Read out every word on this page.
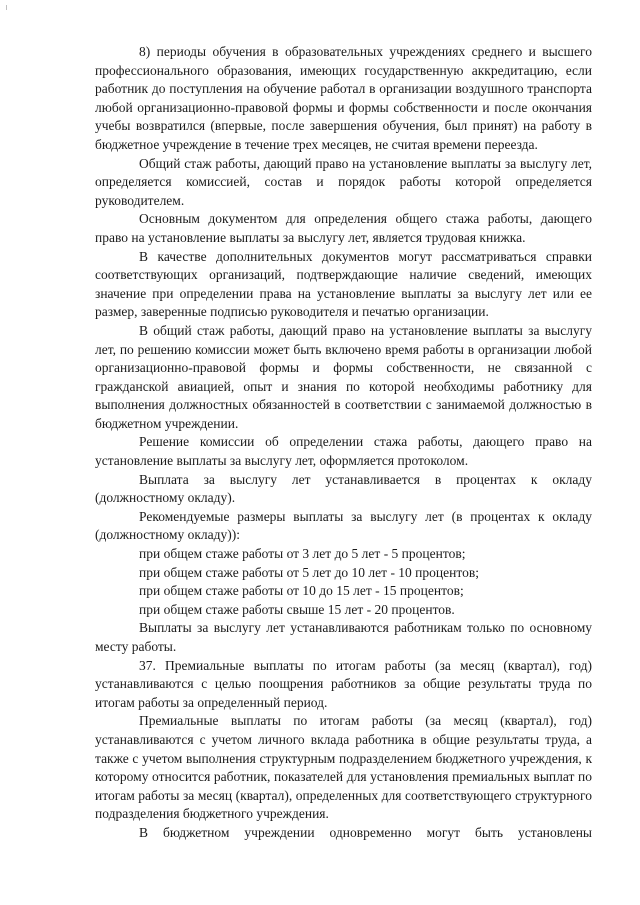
8) периоды обучения в образовательных учреждениях среднего и высшего профессионального образования, имеющих государственную аккредитацию, если работник до поступления на обучение работал в организации воздушного транспорта любой организационно-правовой формы и формы собственности и после окончания учебы возвратился (впервые, после завершения обучения, был принят) на работу в бюджетное учреждение в течение трех месяцев, не считая времени переезда.

Общий стаж работы, дающий право на установление выплаты за выслугу лет, определяется комиссией, состав и порядок работы которой определяется руководителем.

Основным документом для определения общего стажа работы, дающего право на установление выплаты за выслугу лет, является трудовая книжка.

В качестве дополнительных документов могут рассматриваться справки соответствующих организаций, подтверждающие наличие сведений, имеющих значение при определении права на установление выплаты за выслугу лет или ее размер, заверенные подписью руководителя и печатью организации.

В общий стаж работы, дающий право на установление выплаты за выслугу лет, по решению комиссии может быть включено время работы в организации любой организационно-правовой формы и формы собственности, не связанной с гражданской авиацией, опыт и знания по которой необходимы работнику для выполнения должностных обязанностей в соответствии с занимаемой должностью в бюджетном учреждении.

Решение комиссии об определении стажа работы, дающего право на установление выплаты за выслугу лет, оформляется протоколом.

Выплата за выслугу лет устанавливается в процентах к окладу (должностному окладу).

Рекомендуемые размеры выплаты за выслугу лет (в процентах к окладу (должностному окладу)):

при общем стаже работы от 3 лет до 5 лет - 5 процентов;

при общем стаже работы от 5 лет до 10 лет - 10 процентов;

при общем стаже работы от 10 до 15 лет - 15 процентов;

при общем стаже работы свыше 15 лет - 20 процентов.

Выплаты за выслугу лет устанавливаются работникам только по основному месту работы.

37. Премиальные выплаты по итогам работы (за месяц (квартал), год) устанавливаются с целью поощрения работников за общие результаты труда по итогам работы за определенный период.

Премиальные выплаты по итогам работы (за месяц (квартал), год) устанавливаются с учетом личного вклада работника в общие результаты труда, а также с учетом выполнения структурным подразделением бюджетного учреждения, к которому относится работник, показателей для установления премиальных выплат по итогам работы за месяц (квартал), определенных для соответствующего структурного подразделения бюджетного учреждения.

В бюджетном учреждении одновременно могут быть установлены
